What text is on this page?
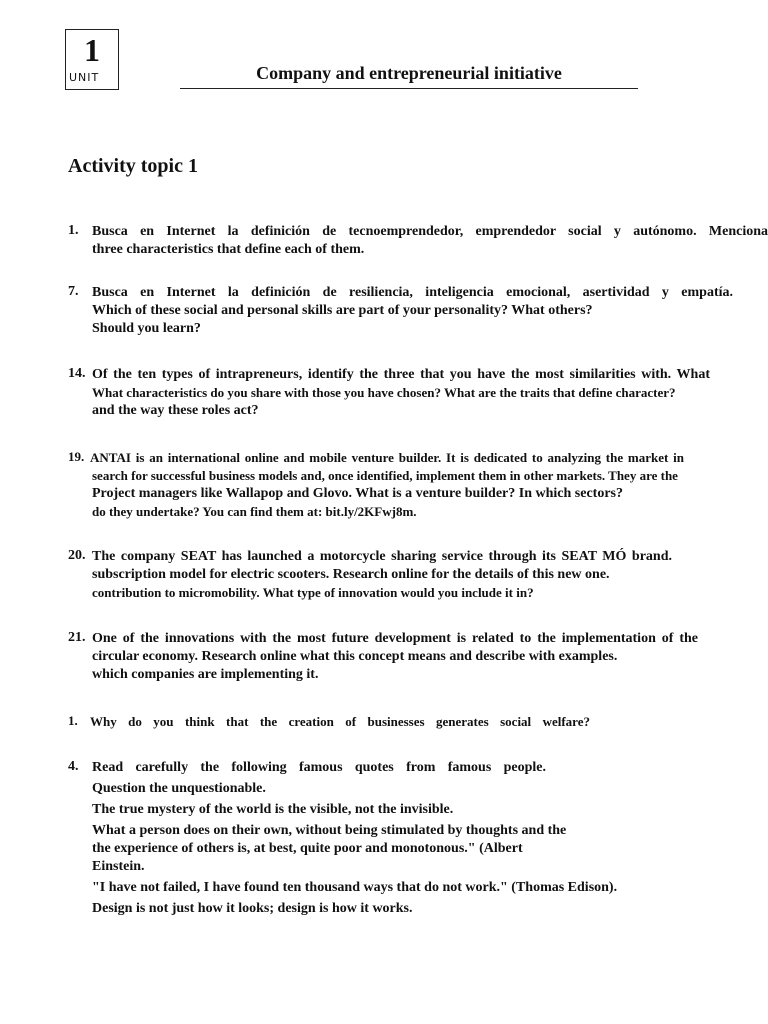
1
UNIT	Company and entrepreneurial initiative
Activity topic 1
1. Busca en Internet la definición de tecnoemprendedor, emprendedor social y autónomo. Menciona
three characteristics that define each of them.
7. Busca en Internet la definición de resiliencia, inteligencia emocional, asertividad y empatía.
Which of these social and personal skills are part of your personality? What others?
Should you learn?
14. Of the ten types of intrapreneurs, identify the three that you have the most similarities with. What
What characteristics do you share with those you have chosen? What are the traits that define character?
and the way these roles act?
19. ANTAI is an international online and mobile venture builder. It is dedicated to analyzing the market in
search for successful business models and, once identified, implement them in other markets. They are the
Project managers like Wallapop and Glovo. What is a venture builder? In which sectors?
do they undertake? You can find them at: bit.ly/2KFwj8m.
20. The company SEAT has launched a motorcycle sharing service through its SEAT MÓ brand.
subscription model for electric scooters. Research online for the details of this new one.
contribution to micromobility. What type of innovation would you include it in?
21. One of the innovations with the most future development is related to the implementation of the
circular economy. Research online what this concept means and describe with examples.
which companies are implementing it.
1. Why do you think that the creation of businesses generates social welfare?
4. Read carefully the following famous quotes from famous people.
Question the unquestionable.
The true mystery of the world is the visible, not the invisible.
What a person does on their own, without being stimulated by thoughts and the
the experience of others is, at best, quite poor and monotonous." (Albert
Einstein.
"I have not failed, I have found ten thousand ways that do not work." (Thomas Edison).
Design is not just how it looks; design is how it works.
